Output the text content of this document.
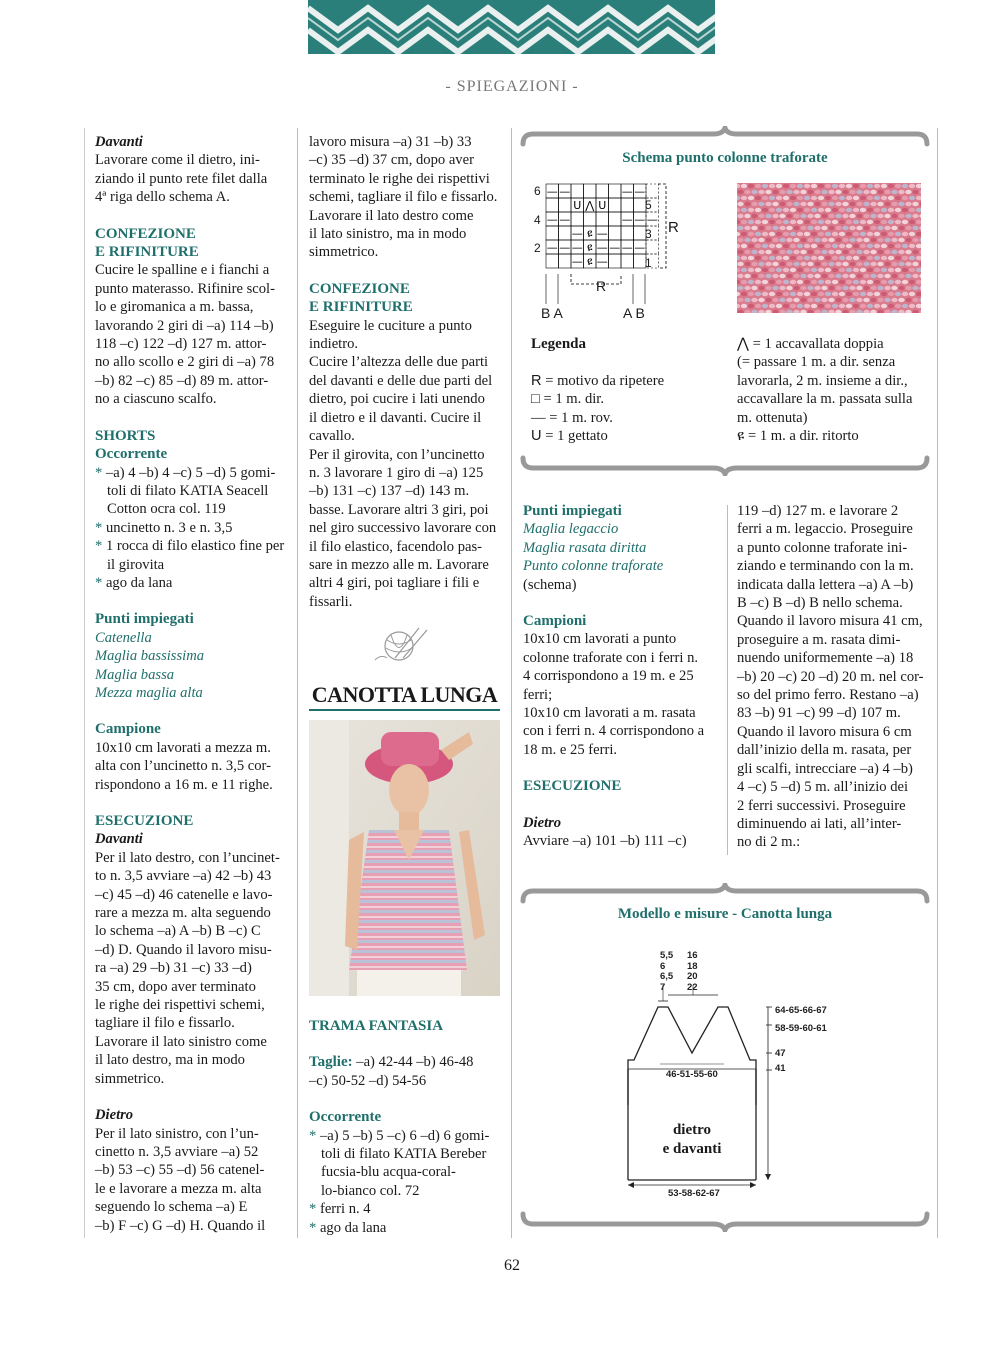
- SPIEGAZIONI -

Davanti

Lavorare come il dietro, ini-

ziando il punto rete filet dalla

4ª riga dello schema A.

CONFEZIONE

E RIFINITURE

Cucire le spalline e i fianchi a

punto materasso. Rifinire scol-

lo e giromanica a m. bassa,

lavorando 2 giri di –a) 114 –b)

118 –c) 122 –d) 127 m. attor-

no allo scollo e 2 giri di –a) 78

–b) 82 –c) 85 –d) 89 m. attor-

no a ciascuno scalfo.

SHORTS

Occorrente

* –a) 4 –b) 4 –c) 5 –d) 5 gomi-

toli di filato KATIA Seacell

Cotton ocra col. 119

* uncinetto n. 3 e n. 3,5

* 1 rocca di filo elastico fine per

il girovita

* ago da lana

Punti impiegati

Catenella

Maglia bassissima

Maglia bassa

Mezza maglia alta

Campione

10x10 cm lavorati a mezza m.

alta con l’uncinetto n. 3,5 cor-

rispondono a 16 m. e 11 righe.

ESECUZIONE

Davanti

Per il lato destro, con l’uncinet-

to n. 3,5 avviare –a) 42 –b) 43

–c) 45 –d) 46 catenelle e lavo-

rare a mezza m. alta seguendo

lo schema –a) A –b) B –c) C

–d) D. Quando il lavoro misu-

ra –a) 29 –b) 31 –c) 33 –d)

35 cm, dopo aver terminato

le righe dei rispettivi schemi,

tagliare il filo e fissarlo.

Lavorare il lato sinistro come

il lato destro, ma in modo

simmetrico.

Dietro

Per il lato sinistro, con l’un-

cinetto n. 3,5 avviare –a) 52

–b) 53 –c) 55 –d) 56 catenel-

le e lavorare a mezza m. alta

seguendo lo schema –a) E

–b) F –c) G –d) H. Quando il

lavoro misura –a) 31 –b) 33

–c) 35 –d) 37 cm, dopo aver

terminato le righe dei rispettivi

schemi, tagliare il filo e fissarlo.

Lavorare il lato destro come

il lato sinistro, ma in modo

simmetrico.

CONFEZIONE

E RIFINITURE

Eseguire le cuciture a punto

indietro.

Cucire l’altezza delle due parti

del davanti e delle due parti del

dietro, poi cucire i lati unendo

il dietro e il davanti. Cucire il

cavallo.

Per il girovita, con l’uncinetto

n. 3 lavorare 1 giro di –a) 125

–b) 131 –c) 137 –d) 143 m.

basse. Lavorare altri 3 giri, poi

nel giro successivo lavorare con

il filo elastico, facendolo pas-

sare in mezzo alle m. Lavorare

altri 4 giri, poi tagliare i fili e

fissarli.

CANOTTA LUNGA

TRAMA FANTASIA

Taglie: –a) 42-44 –b) 46-48

–c) 50-52 –d) 54-56

Occorrente

* –a) 5 –b) 5 –c) 6 –d) 6 gomi-

toli di filato KATIA Bereber

fucsia-blu acqua-coral-

lo-bianco col. 72

* ferri n. 4

* ago da lana

Schema punto colonne traforate
— —	— —
U ⋀ U
— —	— — —
— ዩ —
— — — ዩ — — — —
— ዩ —
6
4
2
5
3
1
R
R
B A	A B
Legenda

R = motivo da ripetere

□ = 1 m. dir.

— = 1 m. rov.

U = 1 gettato

⋀ = 1 accavallata doppia

(= passare 1 m. a dir. senza

lavorarla, 2 m. insieme a dir.,

accavallare la m. passata sulla

m. ottenuta)

ዩ = 1 m. a dir. ritorto

Punti impiegati

Maglia legaccio

Maglia rasata diritta

Punto colonne traforate

(schema)

Campioni

10x10 cm lavorati a punto

colonne traforate con i ferri n.

4 corrispondono a 19 m. e 25

ferri;

10x10 cm lavorati a m. rasata

con i ferri n. 4 corrispondono a

18 m. e 25 ferri.

ESECUZIONE

Dietro

Avviare –a) 101 –b) 111 –c)

119 –d) 127 m. e lavorare 2

ferri a m. legaccio. Proseguire

a punto colonne traforate ini-

ziando e terminando con la m.

indicata dalla lettera –a) A –b)

B –c) B –d) B nello schema.

Quando il lavoro misura 41 cm,

proseguire a m. rasata dimi-

nuendo uniformemente –a) 18

–b) 20 –c) 20 –d) 20 m. nel cor-

so del primo ferro. Restano –a)

83 –b) 91 –c) 99 –d) 107 m.

Quando il lavoro misura 6 cm

dall’inizio della m. rasata, per

gli scalfi, intrecciare –a) 4 –b)

4 –c) 5 –d) 5 m. all’inizio dei

2 ferri successivi. Proseguire

diminuendo ai lati, all’inter-

no di 2 m.:

Modello e misure - Canotta lunga
5,5
6
6,5
7
16
18
20
22
64-65-66-67
58-59-60-61
47
41
46-51-55-60
53-58-62-67
dietro
e davanti
62
